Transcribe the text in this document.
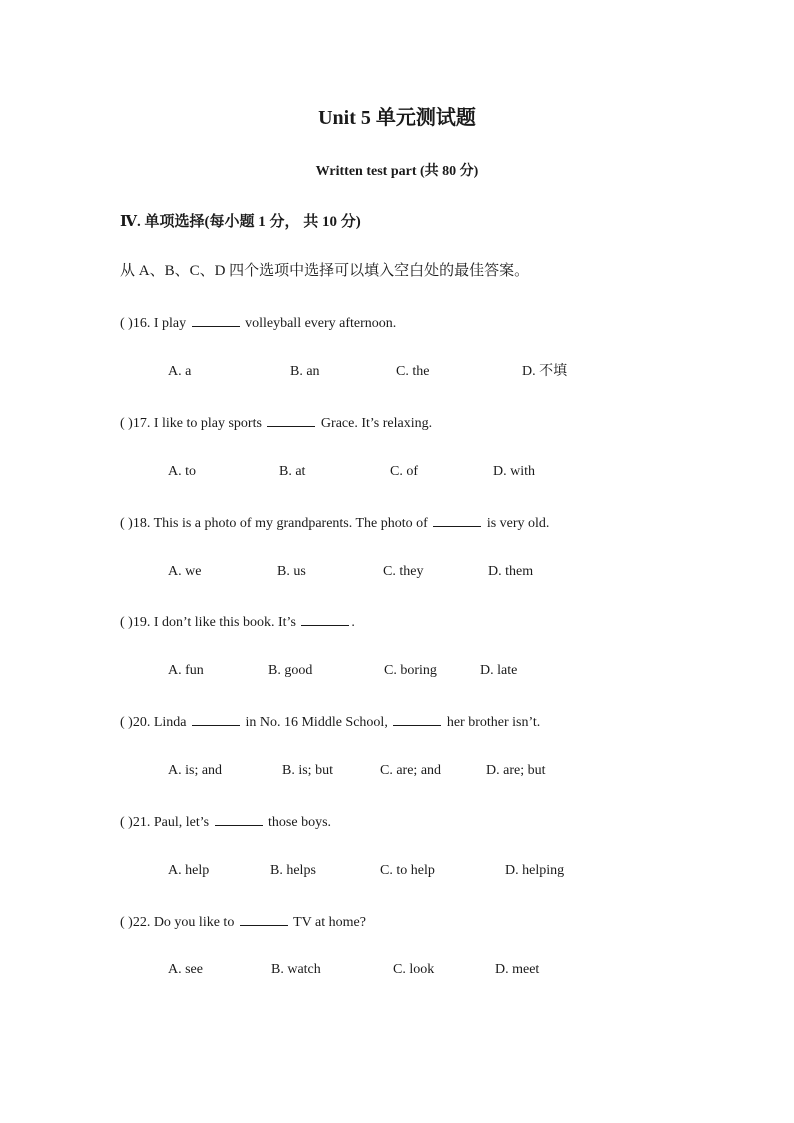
Unit 5 单元测试题
Written test part (共 80 分)
Ⅳ. 单项选择(每小题 1 分， 共 10 分)
从 A、B、C、D 四个选项中选择可以填入空白处的最佳答案。
( )16. I play	volleyball every afternoon.
A. a	B. an	C. the	D. 不填
( )17. I like to play sports	Grace. It’s relaxing.
A. to	B. at	C. of	D. with
( )18. This is a photo of my grandparents. The photo of	is very old.
A. we	B. us	C. they	D. them
( )19. I don’t like this book. It’s	.
A. fun	B. good	C. boring	D. late
( )20. Linda	in No. 16 Middle School,	her brother isn’t.
A. is; and	B. is; but	C. are; and	D. are; but
( )21. Paul, let’s	those boys.
A. help	B. helps	C. to help	D. helping
( )22. Do you like to	TV at home?
A. see	B. watch	C. look	D. meet
